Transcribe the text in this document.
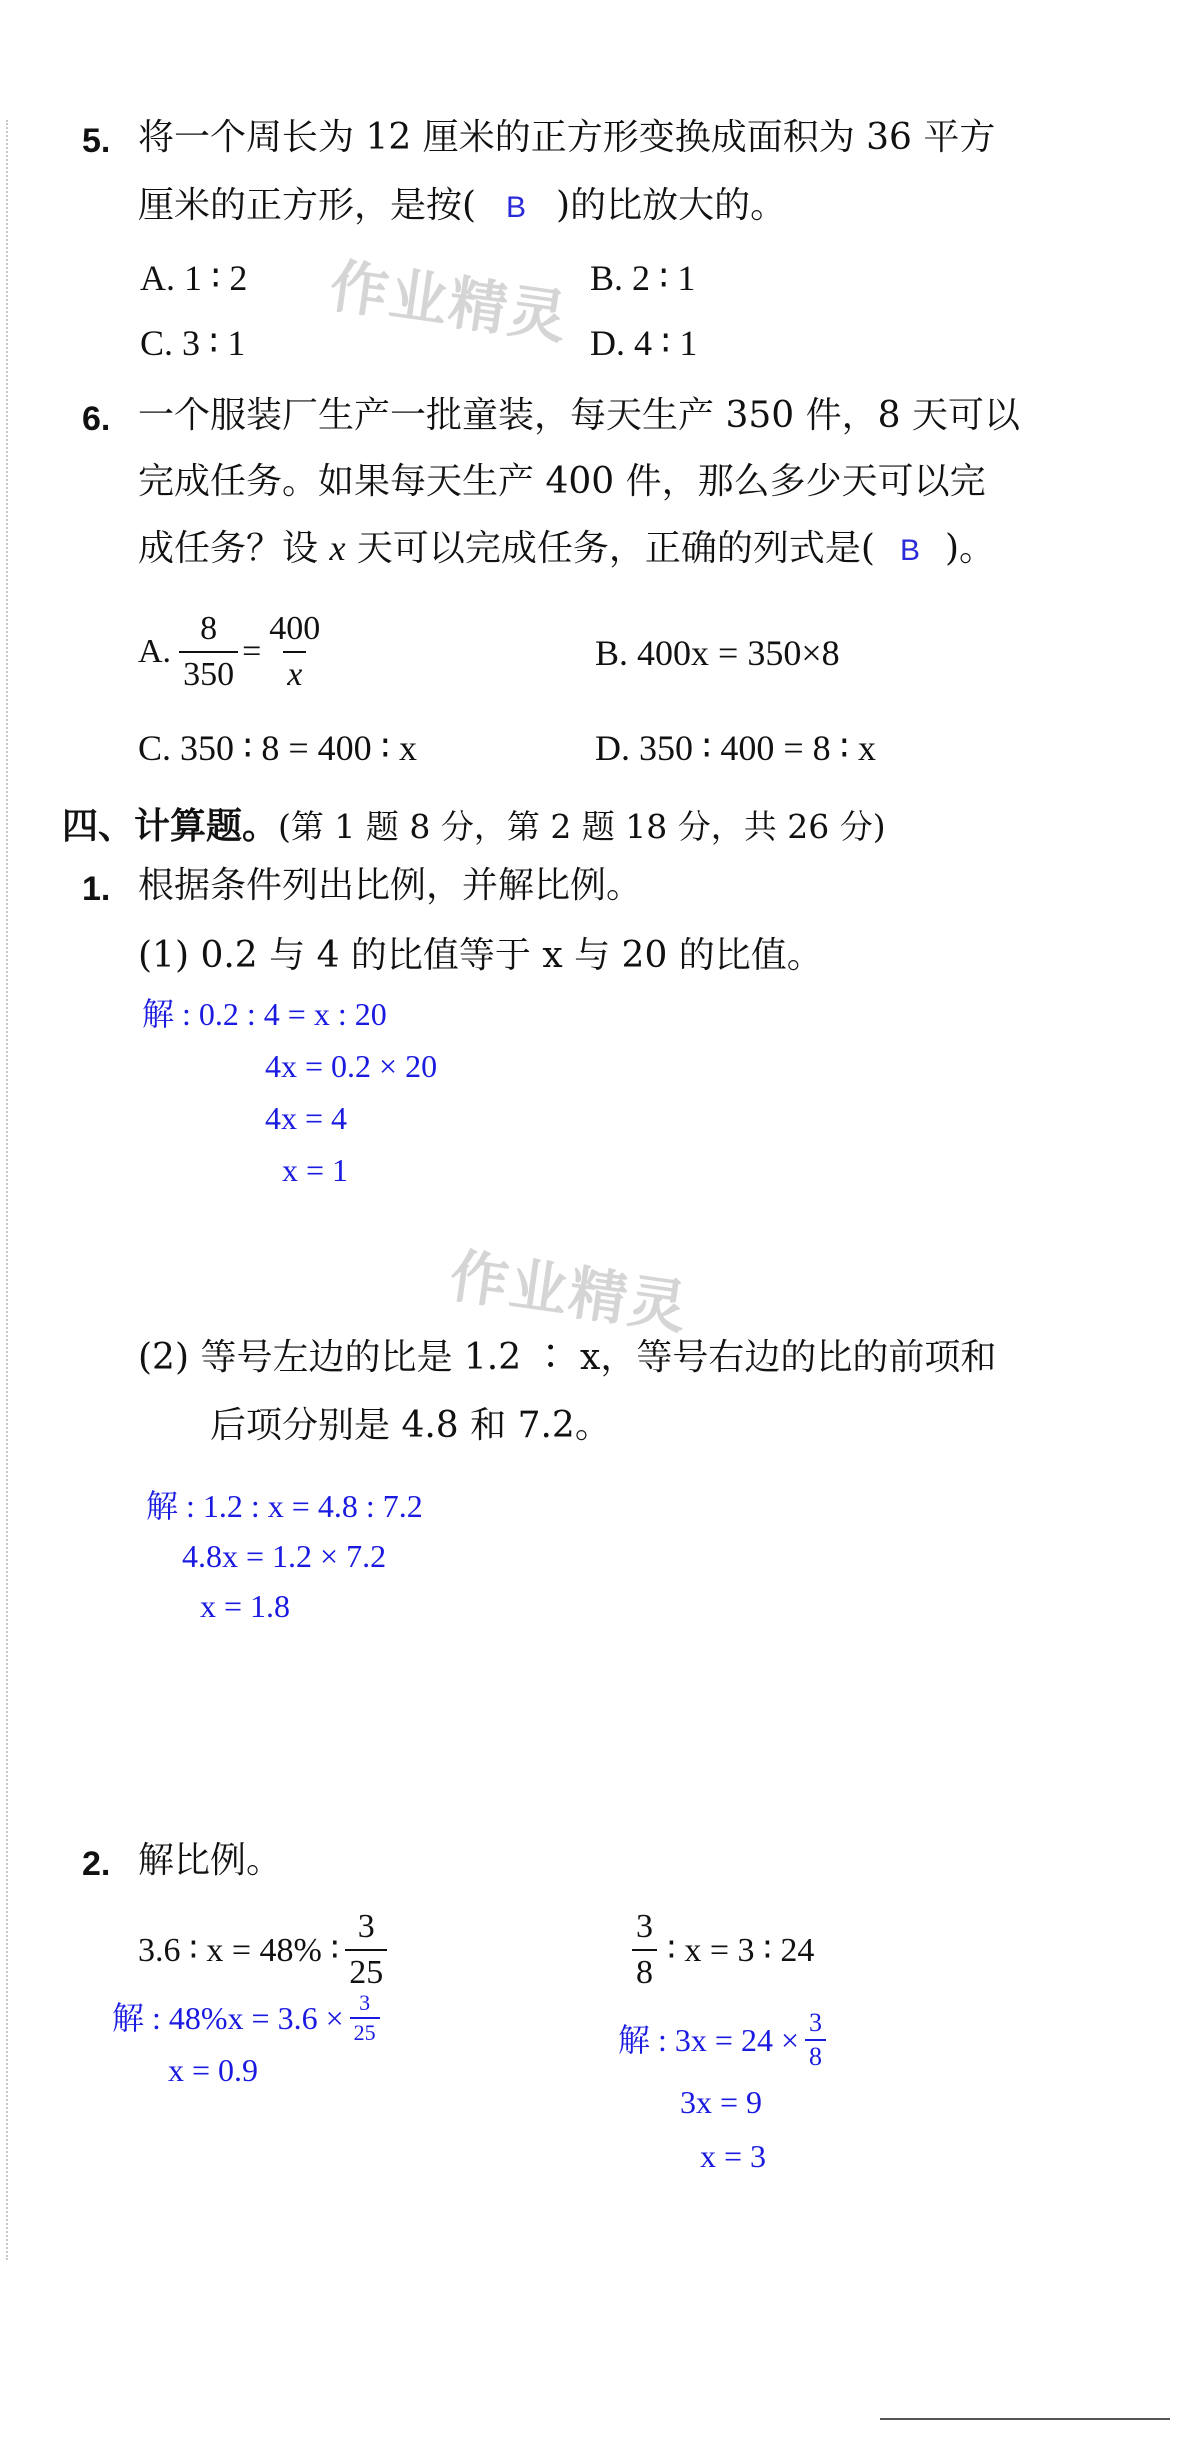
作业精灵
作业精灵
5. 将一个周长为 12 厘米的正方形变换成面积为 36 平方
厘米的正方形，是按( B )的比放大的。
A. 1 ∶ 2	B. 2 ∶ 1
C. 3 ∶ 1	D. 4 ∶ 1
6. 一个服装厂生产一批童装，每天生产 350 件，8 天可以
完成任务。如果每天生产 400 件，那么多少天可以完
成任务？设 x 天可以完成任务，正确的列式是( B )。
A. $\frac{8}{350} = \frac{400}{x}$	B. 400x = 350×8
C. 350 ∶ 8 = 400 ∶ x	D. 350 ∶ 400 = 8 ∶ x
四、计算题。(第 1 题 8 分，第 2 题 18 分，共 26 分)
1. 根据条件列出比例，并解比例。
(1) 0.2 与 4 的比值等于 x 与 20 的比值。
解 : 0.2 : 4 = x : 20
4x = 0.2 × 20
4x = 4
x = 1
(2) 等号左边的比是 1.2 ∶ x，等号右边的比的前项和
后项分别是 4.8 和 7.2。
解 : 1.2 : x = 4.8 : 7.2
4.8x = 1.2 × 7.2
x = 1.8
2. 解比例。
3.6 ∶ x = 48% ∶ $\frac{3}{25}$
解 : $48\%x = 3.6 \times \frac{3}{25}$
x = 0.9
$\frac{3}{8}$ ∶ x = 3 ∶ 24
解 : $3x = 24 \times \frac{3}{8}$
3x = 9
x = 3
